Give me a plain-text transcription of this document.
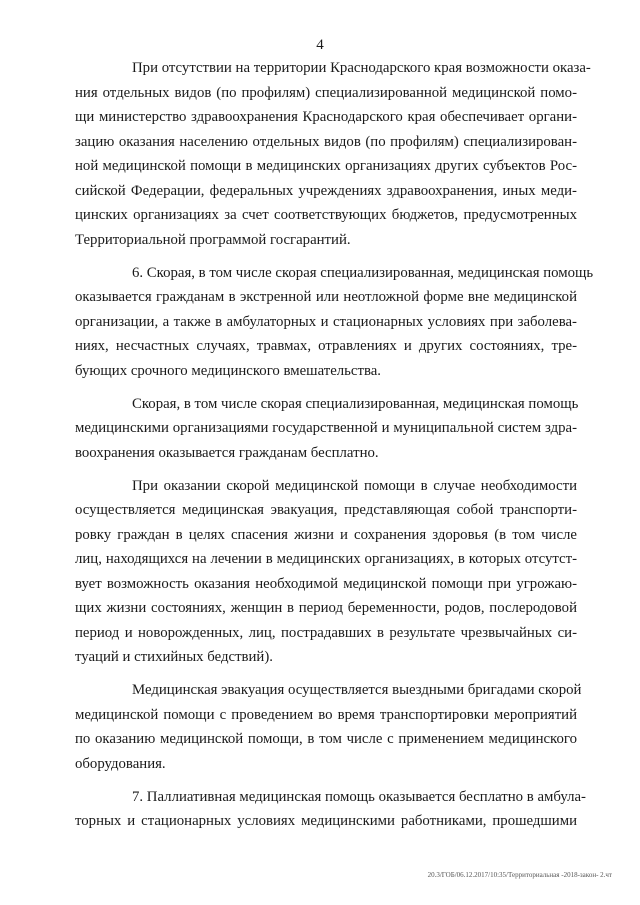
4
При отсутствии на территории Краснодарского края возможности оказа-
ния отдельных видов (по профилям) специализированной медицинской помо-
щи министерство здравоохранения Краснодарского края обеспечивает органи-
зацию оказания населению отдельных видов (по профилям) специализирован-
ной медицинской помощи в медицинских организациях других субъектов Рос-
сийской Федерации, федеральных учреждениях здравоохранения, иных меди-
цинских организациях за счет соответствующих бюджетов, предусмотренных
Территориальной программой госгарантий.
6. Скорая, в том числе скорая специализированная, медицинская помощь
оказывается гражданам в экстренной или неотложной форме вне медицинской
организации, а также в амбулаторных и стационарных условиях при заболева-
ниях, несчастных случаях, травмах, отравлениях и других состояниях, тре-
бующих срочного медицинского вмешательства.
Скорая, в том числе скорая специализированная, медицинская помощь
медицинскими организациями государственной и муниципальной систем здра-
воохранения оказывается гражданам бесплатно.
При оказании скорой медицинской помощи в случае необходимости
осуществляется медицинская эвакуация, представляющая собой транспорти-
ровку граждан в целях спасения жизни и сохранения здоровья (в том числе
лиц, находящихся на лечении в медицинских организациях, в которых отсутст-
вует возможность оказания необходимой медицинской помощи при угрожаю-
щих жизни состояниях, женщин в период беременности, родов, послеродовой
период и новорожденных, лиц, пострадавших в результате чрезвычайных си-
туаций и стихийных бедствий).
Медицинская эвакуация осуществляется выездными бригадами скорой
медицинской помощи с проведением во время транспортировки мероприятий
по оказанию медицинской помощи, в том числе с применением медицинского
оборудования.
7. Паллиативная медицинская помощь оказывается бесплатно в амбула-
торных и стационарных условиях медицинскими работниками, прошедшими
20.3/ГОБ/06.12.2017/10:35/Территориальная -2018-закон- 2.чт
